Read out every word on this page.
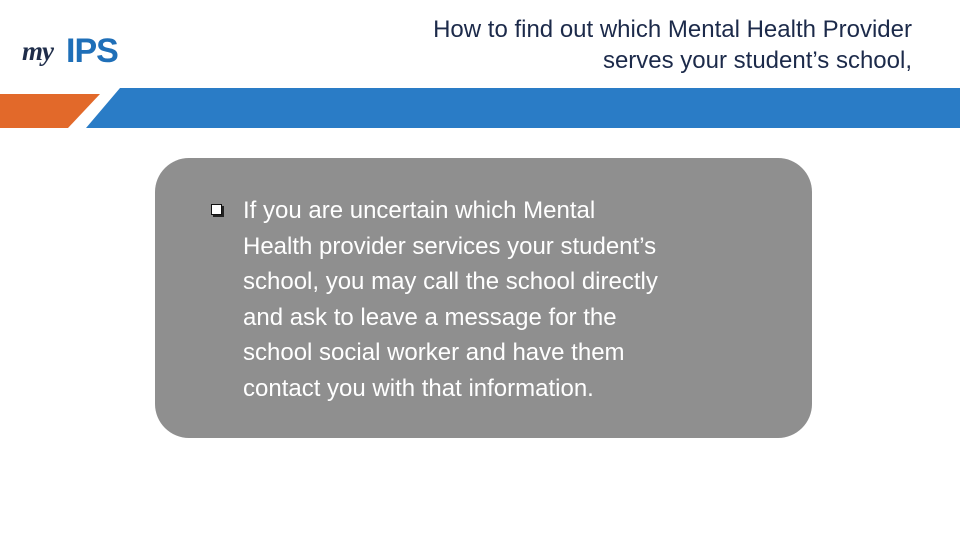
my IPS
How to find out which Mental Health Provider
serves your student’s school,
If you are uncertain which Mental
Health provider services your student’s
school, you may call the school directly
and ask to leave a message for the
school social worker and have them
contact you with that information.
